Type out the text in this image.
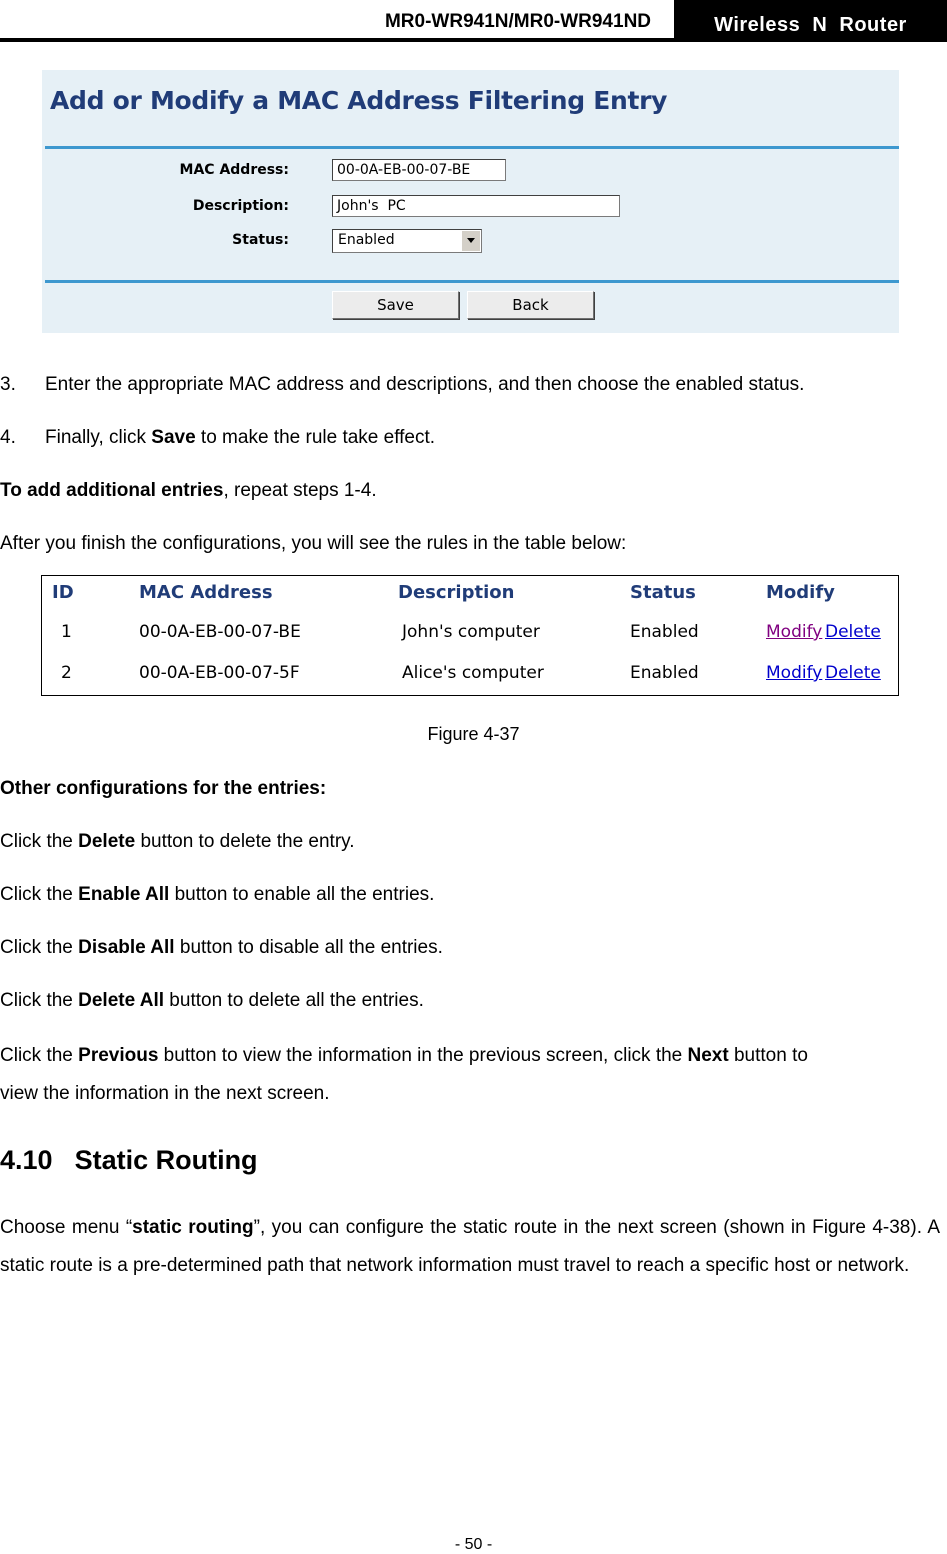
MR0-WR941N/MR0-WR941ND	Wireless  N  Router
Add or Modify a MAC Address Filtering Entry
MAC Address:	00-0A-EB-00-07-BE
Description:	John's  PC
Status:	Enabled
Save	Back
3. Enter the appropriate MAC address and descriptions, and then choose the enabled status.
4. Finally, click Save to make the rule take effect.
To add additional entries, repeat steps 1-4.
After you finish the configurations, you will see the rules in the table below:
ID	MAC Address	Description	Status	Modify
1	00-0A-EB-00-07-BE	John's computer	Enabled	Modify Delete
2	00-0A-EB-00-07-5F	Alice's computer	Enabled	Modify Delete
Figure 4-37
Other configurations for the entries:
Click the Delete button to delete the entry.
Click the Enable All button to enable all the entries.
Click the Disable All button to disable all the entries.
Click the Delete All button to delete all the entries.
Click the Previous button to view the information in the previous screen, click the Next button to
view the information in the next screen.
4.10 Static Routing
Choose menu “static routing”, you can configure the static route in the next screen (shown in Figure 4-38). A static route is a pre-determined path that network information must travel to reach a specific host or network.
- 50 -
